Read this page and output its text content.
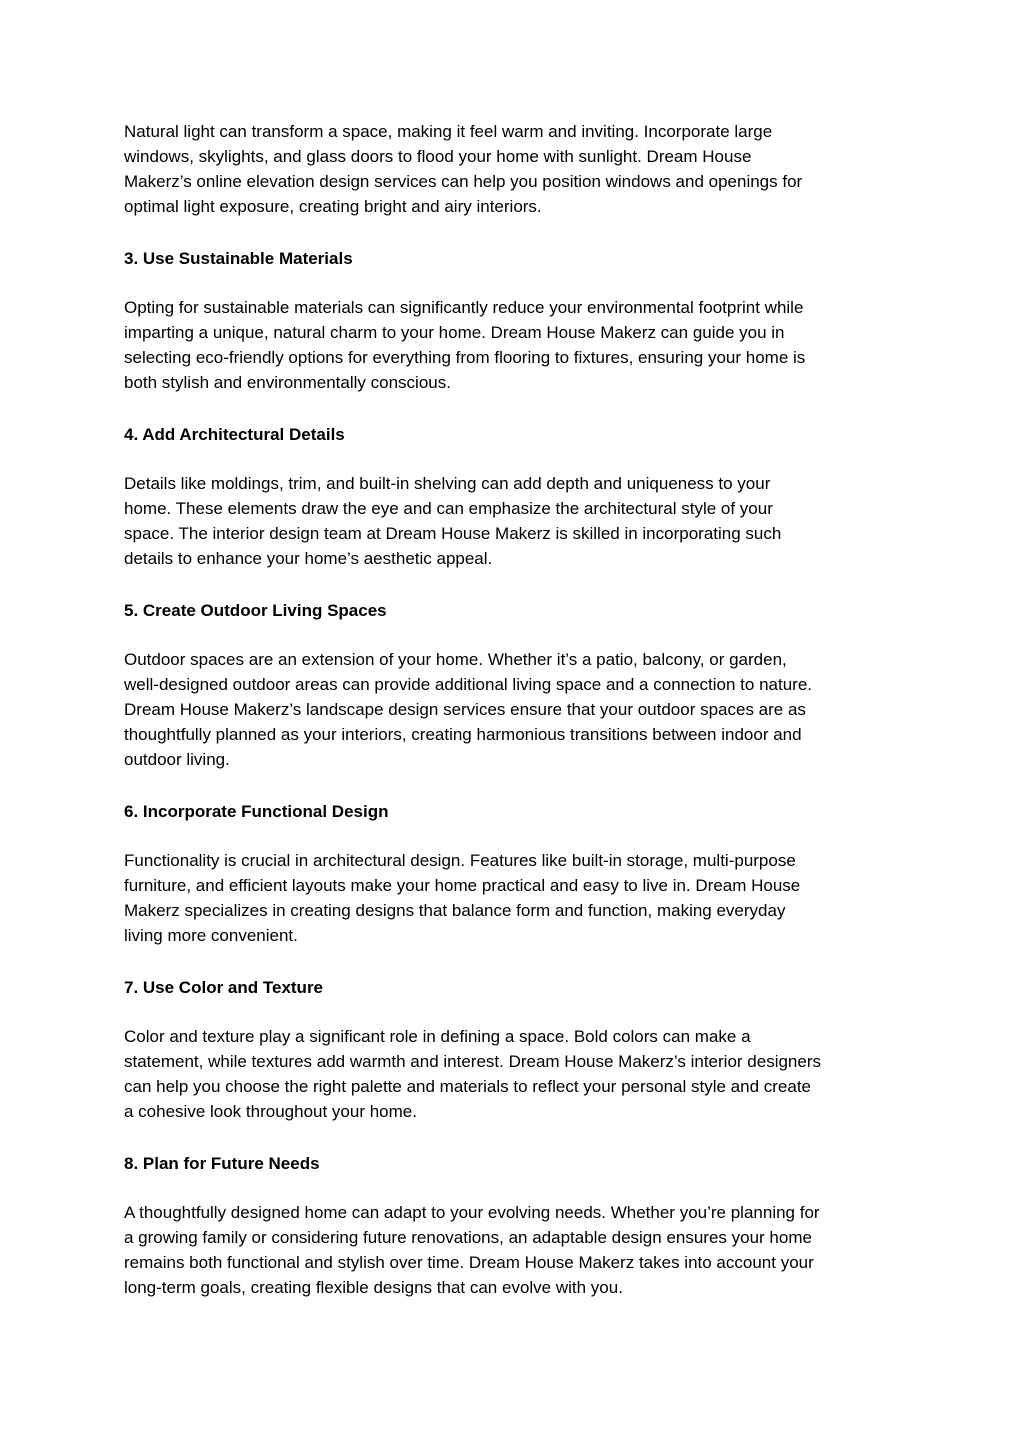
Natural light can transform a space, making it feel warm and inviting. Incorporate large
windows, skylights, and glass doors to flood your home with sunlight. Dream House
Makerz’s online elevation design services can help you position windows and openings for
optimal light exposure, creating bright and airy interiors.

3. Use Sustainable Materials

Opting for sustainable materials can significantly reduce your environmental footprint while
imparting a unique, natural charm to your home. Dream House Makerz can guide you in
selecting eco-friendly options for everything from flooring to fixtures, ensuring your home is
both stylish and environmentally conscious.

4. Add Architectural Details

Details like moldings, trim, and built-in shelving can add depth and uniqueness to your
home. These elements draw the eye and can emphasize the architectural style of your
space. The interior design team at Dream House Makerz is skilled in incorporating such
details to enhance your home’s aesthetic appeal.

5. Create Outdoor Living Spaces

Outdoor spaces are an extension of your home. Whether it’s a patio, balcony, or garden,
well-designed outdoor areas can provide additional living space and a connection to nature.
Dream House Makerz’s landscape design services ensure that your outdoor spaces are as
thoughtfully planned as your interiors, creating harmonious transitions between indoor and
outdoor living.

6. Incorporate Functional Design

Functionality is crucial in architectural design. Features like built-in storage, multi-purpose
furniture, and efficient layouts make your home practical and easy to live in. Dream House
Makerz specializes in creating designs that balance form and function, making everyday
living more convenient.

7. Use Color and Texture

Color and texture play a significant role in defining a space. Bold colors can make a
statement, while textures add warmth and interest. Dream House Makerz’s interior designers
can help you choose the right palette and materials to reflect your personal style and create
a cohesive look throughout your home.

8. Plan for Future Needs

A thoughtfully designed home can adapt to your evolving needs. Whether you’re planning for
a growing family or considering future renovations, an adaptable design ensures your home
remains both functional and stylish over time. Dream House Makerz takes into account your
long-term goals, creating flexible designs that can evolve with you.
